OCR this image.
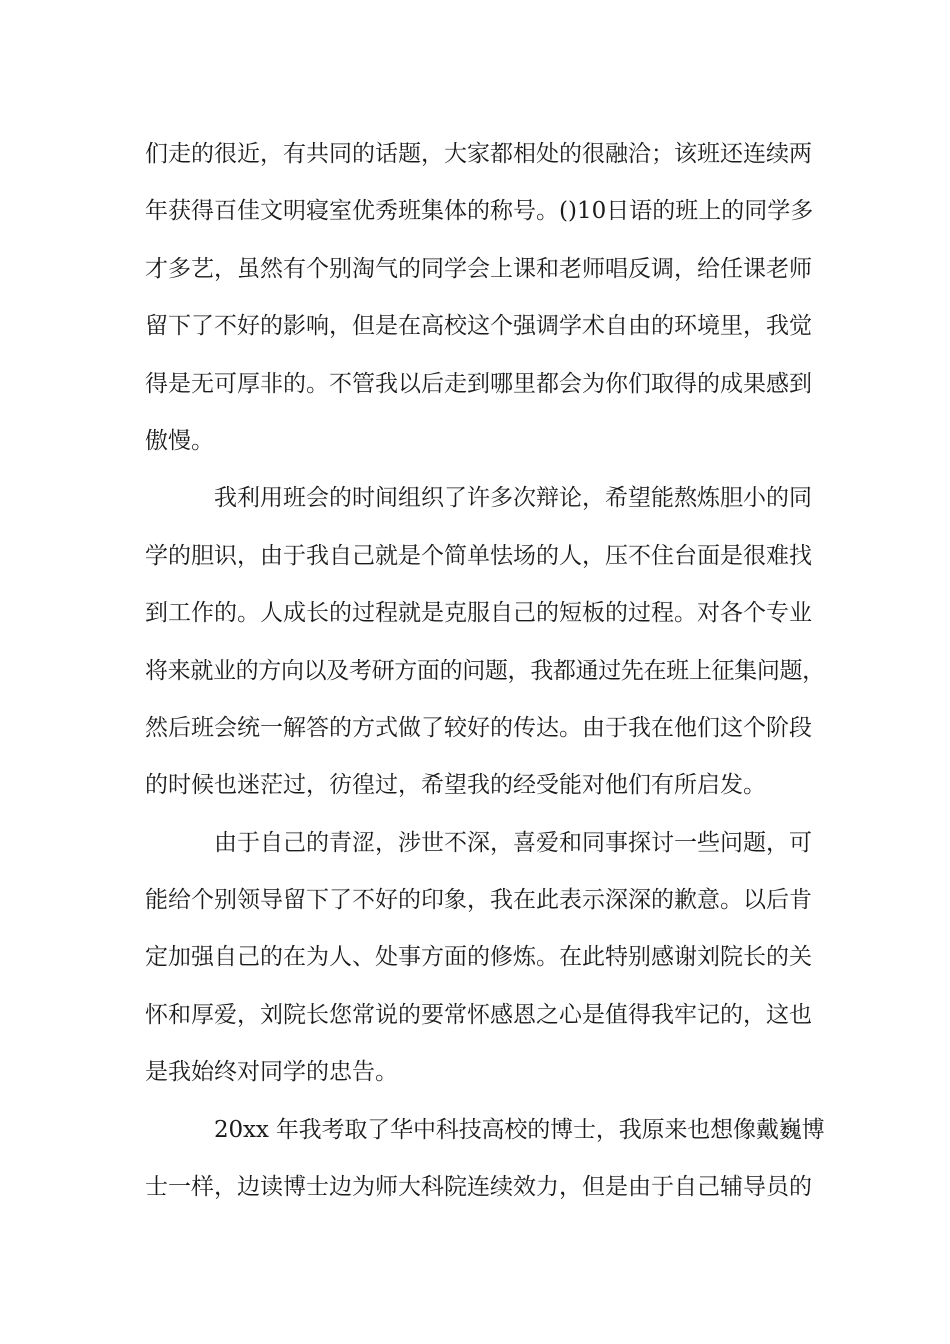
们走的很近，有共同的话题，大家都相处的很融洽；该班还连续两
年获得百佳文明寝室优秀班集体的称号。()10日语的班上的同学多
才多艺，虽然有个别淘气的同学会上课和老师唱反调，给任课老师
留下了不好的影响，但是在高校这个强调学术自由的环境里，我觉
得是无可厚非的。不管我以后走到哪里都会为你们取得的成果感到
傲慢。
我利用班会的时间组织了许多次辩论，希望能熬炼胆小的同
学的胆识，由于我自己就是个简单怯场的人，压不住台面是很难找
到工作的。人成长的过程就是克服自己的短板的过程。对各个专业
将来就业的方向以及考研方面的问题，我都通过先在班上征集问题，
然后班会统一解答的方式做了较好的传达。由于我在他们这个阶段
的时候也迷茫过，彷徨过，希望我的经受能对他们有所启发。
由于自己的青涩，涉世不深，喜爱和同事探讨一些问题，可
能给个别领导留下了不好的印象，我在此表示深深的歉意。以后肯
定加强自己的在为人、处事方面的修炼。在此特别感谢刘院长的关
怀和厚爱，刘院长您常说的要常怀感恩之心是值得我牢记的，这也
是我始终对同学的忠告。
20xx 年我考取了华中科技高校的博士，我原来也想像戴巍博
士一样，边读博士边为师大科院连续效力，但是由于自己辅导员的
